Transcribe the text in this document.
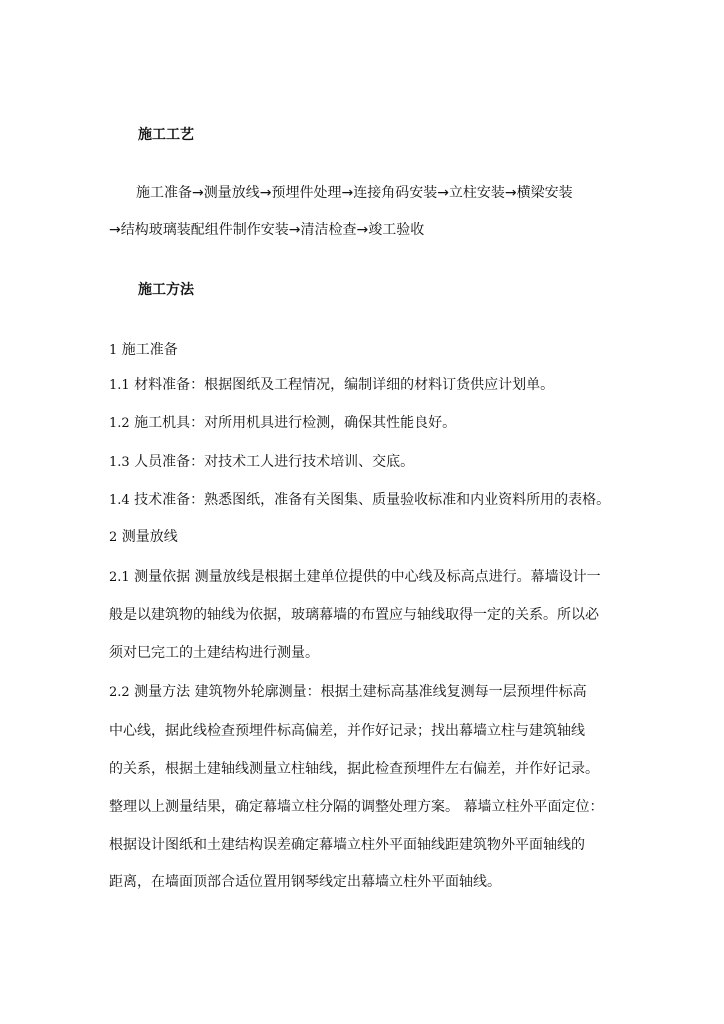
施工工艺
施工准备→测量放线→预埋件处理→连接角码安装→立柱安装→横梁安装
→结构玻璃装配组件制作安装→清洁检查→竣工验收
施工方法
1 施工准备
1.1 材料准备：根据图纸及工程情况，编制详细的材料订货供应计划单。
1.2 施工机具：对所用机具进行检测，确保其性能良好。
1.3 人员准备：对技术工人进行技术培训、交底。
1.4 技术准备：熟悉图纸，准备有关图集、质量验收标准和内业资料所用的表格。
2 测量放线
2.1 测量依据 测量放线是根据土建单位提供的中心线及标高点进行。幕墙设计一
般是以建筑物的轴线为依据，玻璃幕墙的布置应与轴线取得一定的关系。所以必
须对巳完工的土建结构进行测量。
2.2 测量方法 建筑物外轮廓测量：根据土建标高基准线复测每一层预埋件标高
中心线，据此线检查预埋件标高偏差，并作好记录；找出幕墙立柱与建筑轴线
的关系，根据土建轴线测量立柱轴线，据此检查预埋件左右偏差，并作好记录。
整理以上测量结果，确定幕墙立柱分隔的调整处理方案。 幕墙立柱外平面定位：
根据设计图纸和土建结构误差确定幕墙立柱外平面轴线距建筑物外平面轴线的
距离，在墙面顶部合适位置用钢琴线定出幕墙立柱外平面轴线。
